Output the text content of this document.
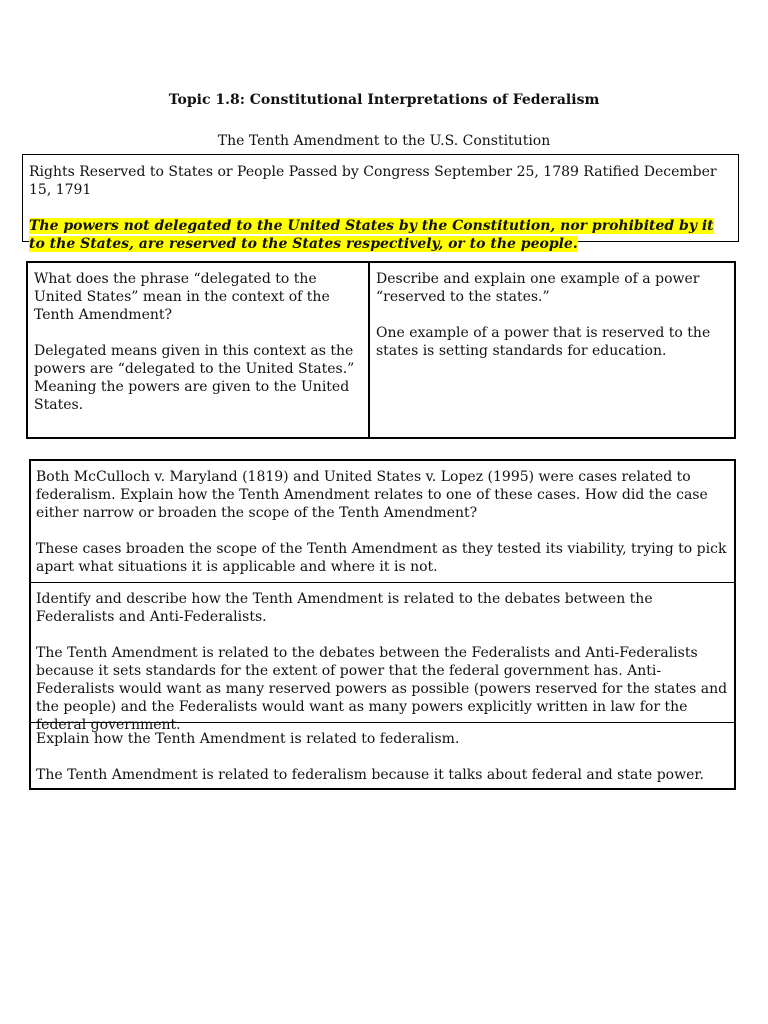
Topic 1.8: Constitutional Interpretations of Federalism
The Tenth Amendment to the U.S. Constitution

Rights Reserved to States or People Passed by Congress September 25, 1789 Ratified December 15, 1791

The powers not delegated to the United States by the Constitution, nor prohibited by it to the States, are reserved to the States respectively, or to the people.

What does the phrase “delegated to the United States” mean in the context of the Tenth Amendment?

Delegated means given in this context as the powers are “delegated to the United States.” Meaning the powers are given to the United States.

Describe and explain one example of a power “reserved to the states.”

One example of a power that is reserved to the states is setting standards for education.

Both McCulloch v. Maryland (1819) and United States v. Lopez (1995) were cases related to federalism. Explain how the Tenth Amendment relates to one of these cases. How did the case either narrow or broaden the scope of the Tenth Amendment?

These cases broaden the scope of the Tenth Amendment as they tested its viability, trying to pick apart what situations it is applicable and where it is not.

Identify and describe how the Tenth Amendment is related to the debates between the Federalists and Anti-Federalists.

The Tenth Amendment is related to the debates between the Federalists and Anti-Federalists because it sets standards for the extent of power that the federal government has. Anti-Federalists would want as many reserved powers as possible (powers reserved for the states and the people) and the Federalists would want as many powers explicitly written in law for the federal government.

Explain how the Tenth Amendment is related to federalism.

The Tenth Amendment is related to federalism because it talks about federal and state power.
